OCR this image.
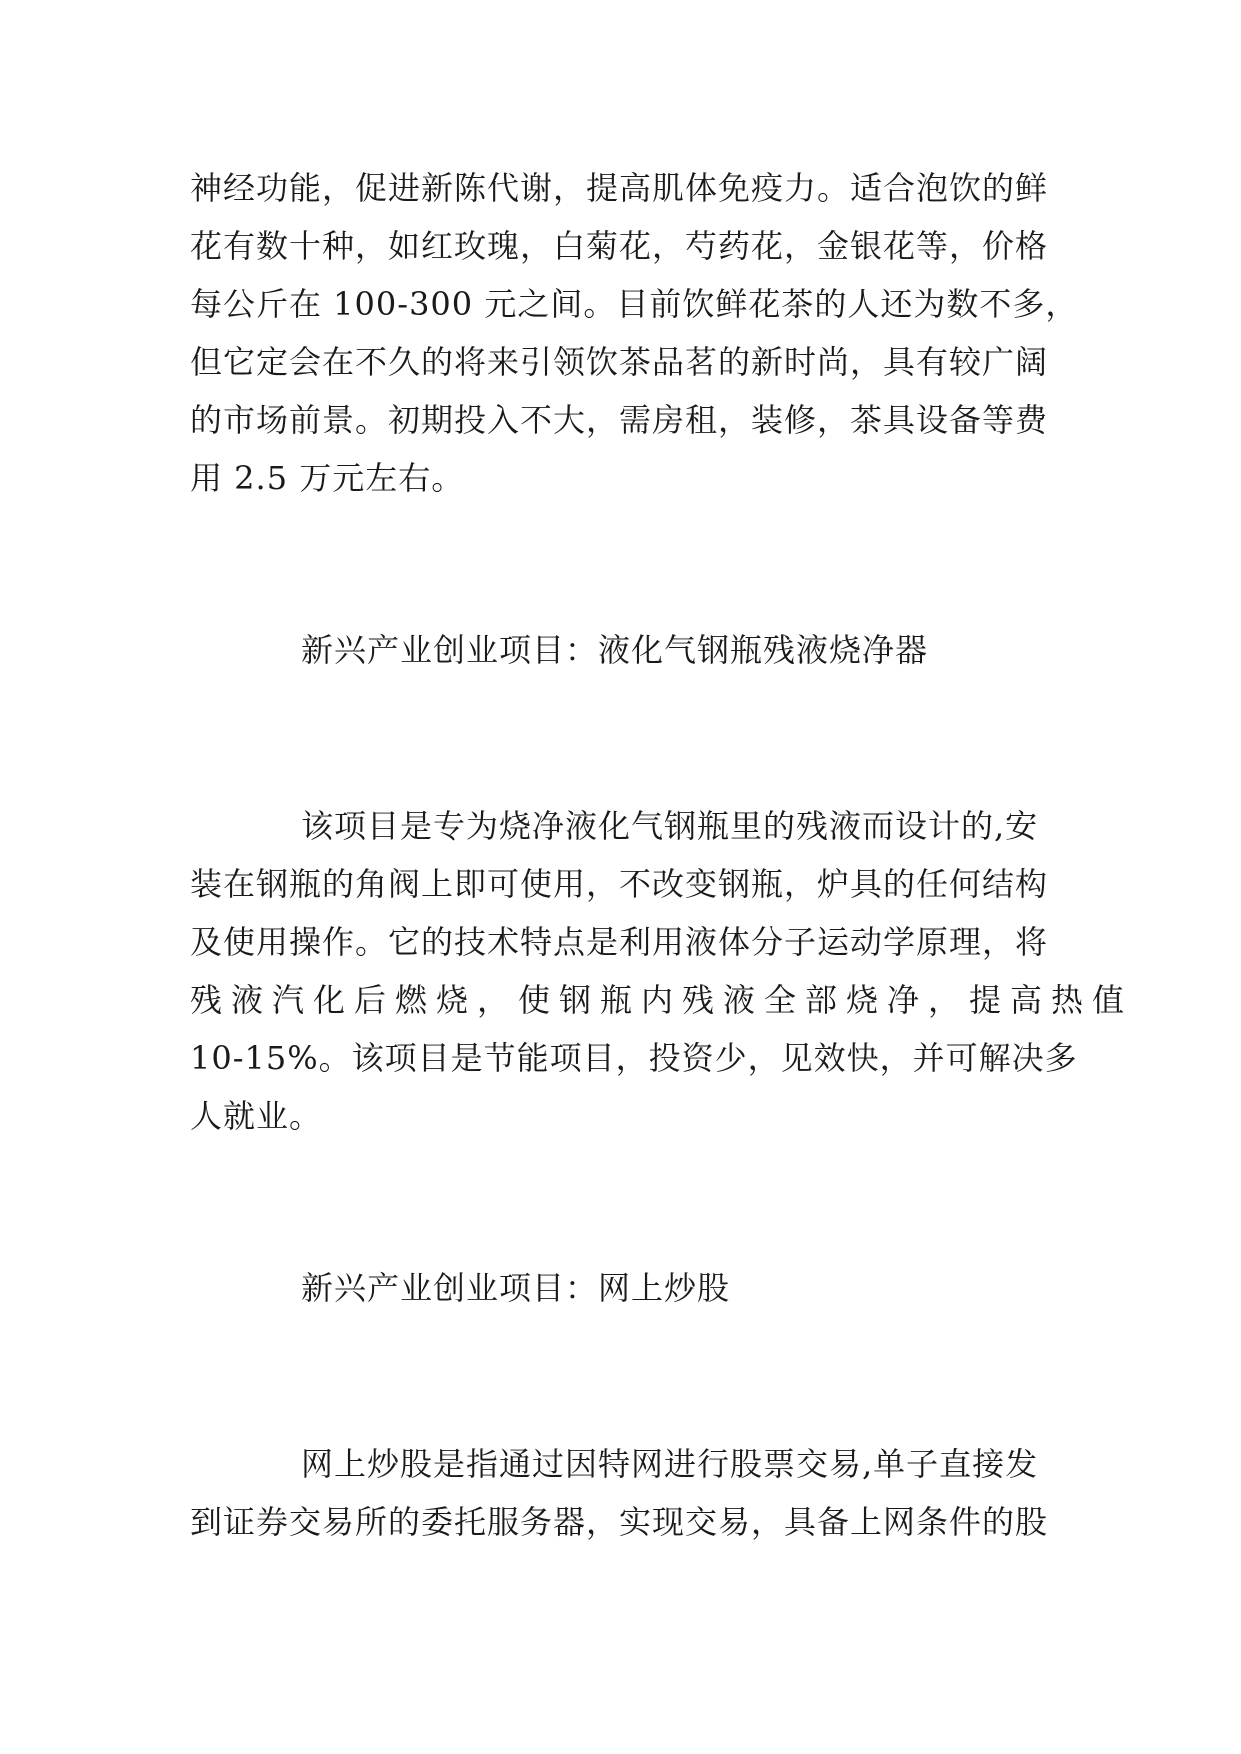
神经功能，促进新陈代谢，提高肌体免疫力。适合泡饮的鲜
花有数十种，如红玫瑰，白菊花，芍药花，金银花等，价格
每公斤在 100-300 元之间。目前饮鲜花茶的人还为数不多，
但它定会在不久的将来引领饮茶品茗的新时尚，具有较广阔
的市场前景。初期投入不大，需房租，装修，茶具设备等费
用 2.5 万元左右。
新兴产业创业项目：液化气钢瓶残液烧净器
该项目是专为烧净液化气钢瓶里的残液而设计的,安
装在钢瓶的角阀上即可使用，不改变钢瓶，炉具的任何结构
及使用操作。它的技术特点是利用液体分子运动学原理，将
残液汽化后燃烧，使钢瓶内残液全部烧净，提高热值
10-15%。该项目是节能项目，投资少，见效快，并可解决多
人就业。
新兴产业创业项目：网上炒股
网上炒股是指通过因特网进行股票交易,单子直接发
到证券交易所的委托服务器，实现交易，具备上网条件的股
